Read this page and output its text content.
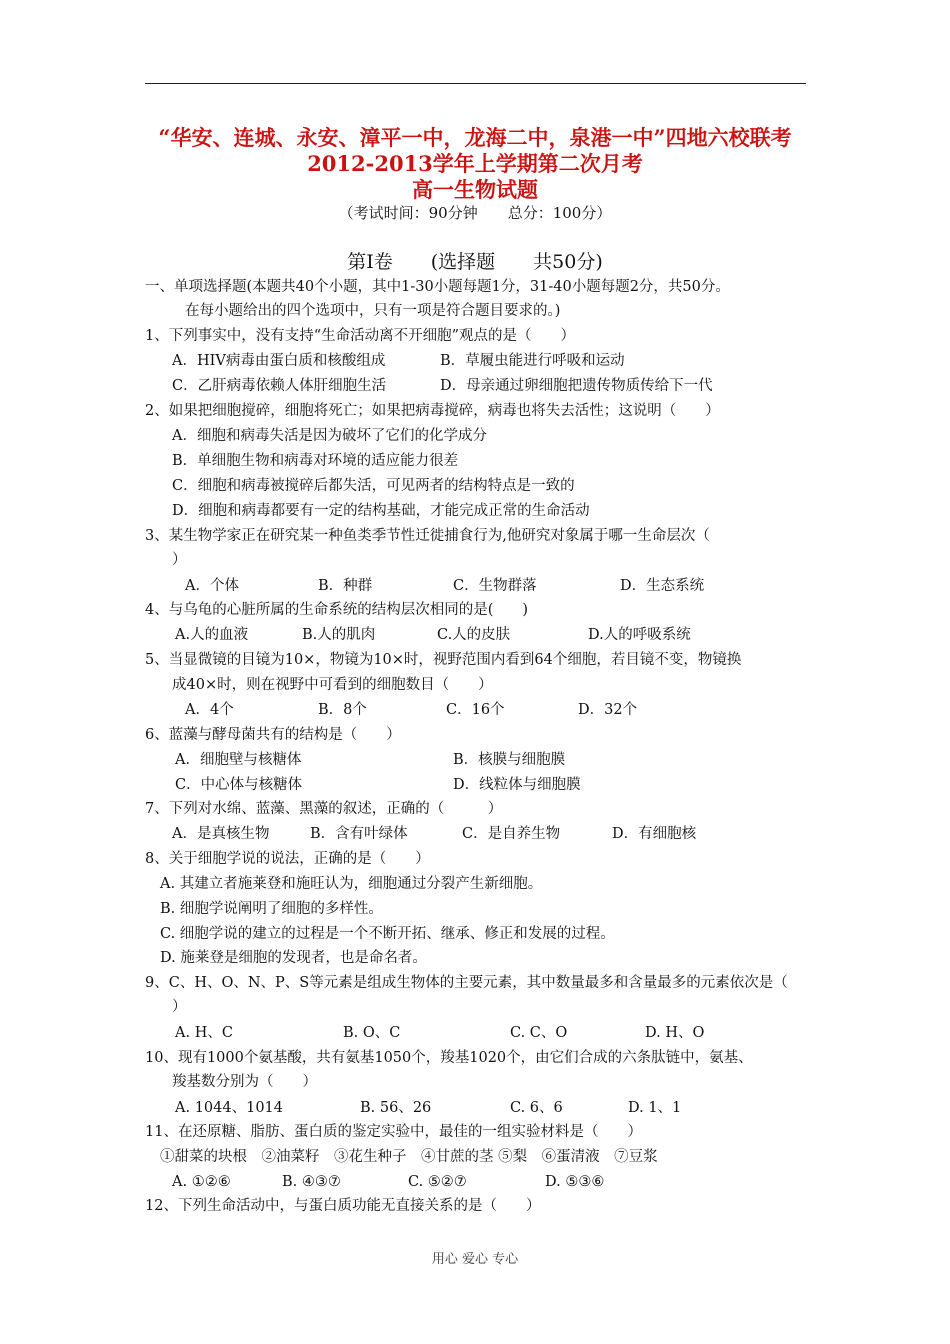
“华安、连城、永安、漳平一中，龙海二中，泉港一中”四地六校联考
2012-2013学年上学期第二次月考
高一生物试题
（考试时间：90分钟　　总分：100分）
第Ⅰ卷　　(选择题　　共50分)
一、单项选择题(本题共40个小题，其中1-30小题每题1分，31-40小题每题2分，共50分。
在每小题给出的四个选项中，只有一项是符合题目要求的。)
1、下列事实中，没有支持“生命活动离不开细胞”观点的是（　　）
A．HIV病毒由蛋白质和核酸组成	B．草履虫能进行呼吸和运动
C．乙肝病毒依赖人体肝细胞生活	D．母亲通过卵细胞把遗传物质传给下一代
2、如果把细胞搅碎，细胞将死亡；如果把病毒搅碎，病毒也将失去活性；这说明（　　）
A．细胞和病毒失活是因为破坏了它们的化学成分
B．单细胞生物和病毒对环境的适应能力很差
C．细胞和病毒被搅碎后都失活，可见两者的结构特点是一致的
D．细胞和病毒都要有一定的结构基础，才能完成正常的生命活动
3、某生物学家正在研究某一种鱼类季节性迁徙捕食行为,他研究对象属于哪一生命层次（
）
A．个体	B．种群	C．生物群落	D．生态系统
4、与乌龟的心脏所属的生命系统的结构层次相同的是(　　)
A.人的血液	B.人的肌肉	C.人的皮肤	D.人的呼吸系统
5、当显微镜的目镜为10×，物镜为10×时，视野范围内看到64个细胞，若目镜不变，物镜换
成40×时，则在视野中可看到的细胞数目（　　）
A．4个	B．8个	C．16个	D．32个
6、蓝藻与酵母菌共有的结构是（　　）
A．细胞壁与核糖体	B．核膜与细胞膜
C．中心体与核糖体	D．线粒体与细胞膜
7、下列对水绵、蓝藻、黑藻的叙述，正确的（　　　）
A．是真核生物	B．含有叶绿体	C．是自养生物	D．有细胞核
8、关于细胞学说的说法，正确的是（　　）
A. 其建立者施莱登和施旺认为，细胞通过分裂产生新细胞。
B. 细胞学说阐明了细胞的多样性。
C. 细胞学说的建立的过程是一个不断开拓、继承、修正和发展的过程。
D. 施莱登是细胞的发现者，也是命名者。
9、C、H、O、N、P、S等元素是组成生物体的主要元素，其中数量最多和含量最多的元素依次是（
）
A. H、C	B. O、C	C. C、O	D. H、O
10、现有1000个氨基酸，共有氨基1050个，羧基1020个，由它们合成的六条肽链中，氨基、
羧基数分别为（　　）
A. 1044、1014	B. 56、26	C. 6、6	D. 1、1
11、在还原糖、脂肪、蛋白质的鉴定实验中，最佳的一组实验材料是（　　）
①甜菜的块根　②油菜籽　③花生种子　④甘蔗的茎 ⑤梨　⑥蛋清液　⑦豆浆
A. ①②⑥	B. ④③⑦	C. ⑤②⑦	D. ⑤③⑥
12、下列生命活动中，与蛋白质功能无直接关系的是（　　）
用心 爱心 专心
